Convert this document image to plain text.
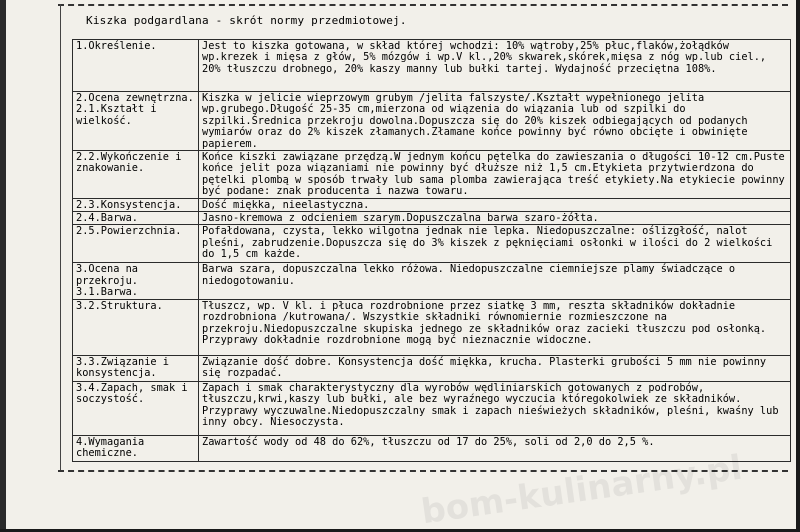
Kiszka podgardlana - skrót normy przedmiotowej.
1.Określenie.	Jest to kiszka gotowana, w skład której wchodzi: 10% wątroby,25% płuc,flaków,żołądków wp.krezek i mięsa z głów, 5% mózgów i wp.V kl.,20% skwarek,skórek,mięsa z nóg wp.lub ciel., 20% tłuszczu drobnego, 20% kaszy manny lub bułki tartej. Wydajność przeciętna 108%.

2.Ocena zewnętrzna.
2.1.Kształt i wielkość.	Kiszka w jelicie wieprzowym grubym /jelita falszyste/.Kształt wypełnionego jelita wp.grubego.Długość 25-35 cm,mierzona od wiązenia do wiązania lub od szpilki do szpilki.Średnica przekroju dowolna.Dopuszcza się do 20% kiszek odbiegających od podanych wymiarów oraz do 2% kiszek złamanych.Złamane końce powinny być równo obcięte i obwinięte papierem.

2.2.Wykończenie i znakowanie.	Końce kiszki zawiązane przędzą.W jednym końcu pętelka do zawieszania o długości 10-12 cm.Puste końce jelit poza wiązaniami nie powinny być dłuższe niż 1,5 cm.Etykieta przytwierdzona do pętelki plombą w sposób trwały lub sama plomba zawierająca treść etykiety.Na etykiecie powinny być podane: znak producenta i nazwa towaru.

2.3.Konsystencja.	Dość miękka, nieelastyczna.

2.4.Barwa.	Jasno-kremowa z odcieniem szarym.Dopuszczalna barwa szaro-żółta.

2.5.Powierzchnia.	Pofałdowana, czysta, lekko wilgotna jednak nie lepka. Niedopuszczalne: oślizgłość, nalot pleśni, zabrudzenie.Dopuszcza się do 3% kiszek z pęknięciami osłonki w ilości do 2 wielkości do 1,5 cm każde.

3.Ocena na przekroju.
3.1.Barwa.	Barwa szara, dopuszczalna lekko różowa. Niedopuszczalne ciemniejsze plamy świadczące o niedogotowaniu.

3.2.Struktura.	Tłuszcz, wp. V kl. i płuca rozdrobnione przez siatkę 3 mm, reszta składników dokładnie rozdrobniona /kutrowana/. Wszystkie składniki równomiernie rozmieszczone na przekroju.Niedopuszczalne skupiska jednego ze składników oraz zacieki tłuszczu pod osłonką. Przyprawy dokładnie rozdrobnione mogą być nieznacznie widoczne.

3.3.Związanie i konsystencja.	Związanie dość dobre. Konsystencja dość miękka, krucha. Plasterki grubości 5 mm nie powinny się rozpadać.

3.4.Zapach, smak i soczystość.	Zapach i smak charakterystyczny dla wyrobów wędliniarskich gotowanych z podrobów, tłuszczu,krwi,kaszy lub bułki, ale bez wyraźnego wyczucia któregokolwiek ze składników. Przyprawy wyczuwalne.Niedopuszczalny smak i zapach nieświeżych składników, pleśni, kwaśny lub inny obcy. Niesoczysta.

4.Wymagania chemiczne.	Zawartość wody od 48 do 62%, tłuszczu od 17 do 25%, soli od 2,0 do 2,5 %.
bom-kulinarny.pl
